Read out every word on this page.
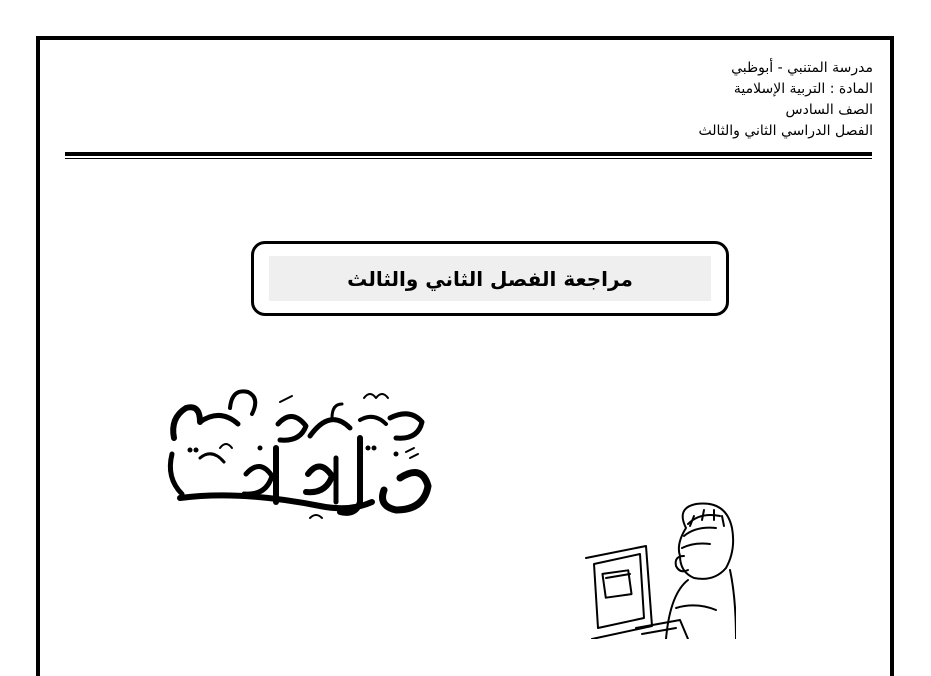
مدرسة المتنبي - أبوظبي
المادة : التربية الإسلامية
الصف السادس
الفصل الدراسي الثاني والثالث
مراجعة الفصل الثاني والثالث
